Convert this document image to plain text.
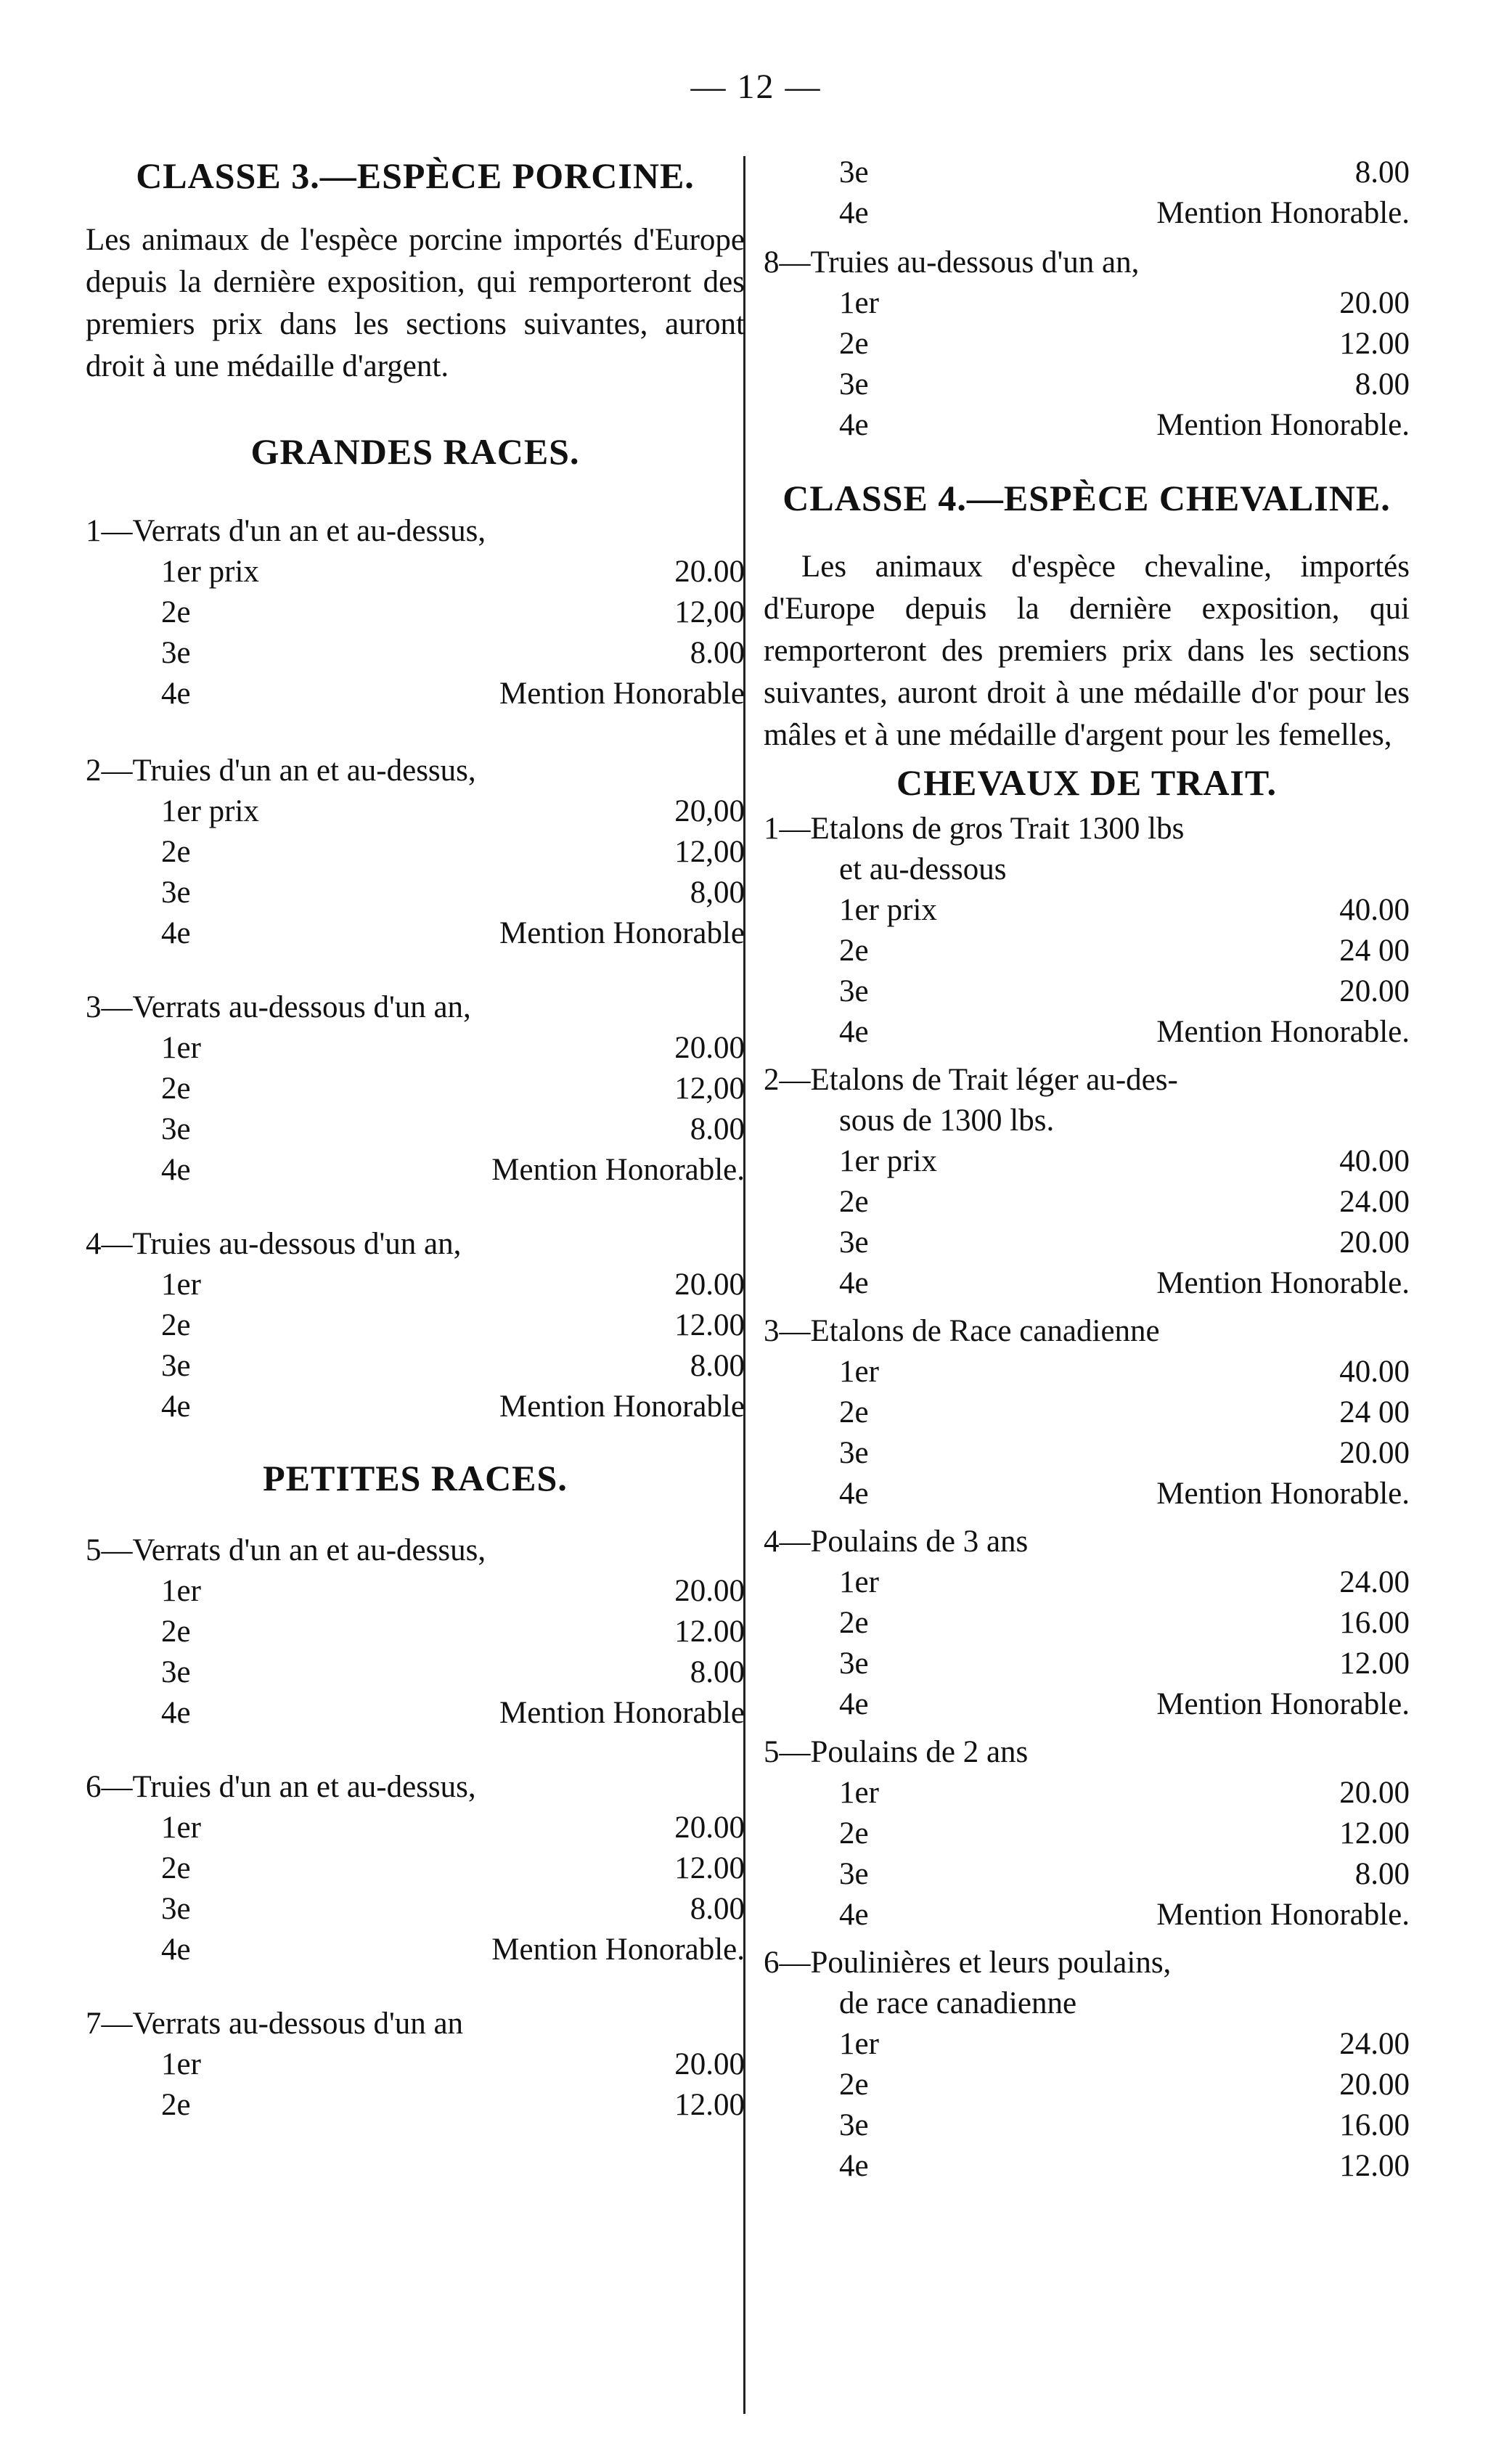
— 12 —
CLASSE 3.—ESPÈCE PORCINE.

Les animaux de l'espèce porcine importés d'Europe depuis la dernière exposition, qui remporteront des premiers prix dans les sections suivantes, auront droit à une médaille d'argent.

GRANDES RACES.

1—Verrats d'un an et au-dessus,

1er prix	20.00
2e	12,00
3e	8.00
4e	Mention Honorable

2—Truies d'un an et au-dessus,

1er prix	20,00
2e	12,00
3e	8,00
4e	Mention Honorable

3—Verrats au-dessous d'un an,

1er	20.00
2e	12,00
3e	8.00
4e	Mention Honorable.

4—Truies au-dessous d'un an,

1er	20.00
2e	12.00
3e	8.00
4e	Mention Honorable
PETITES RACES.

5—Verrats d'un an et au-dessus,

1er	20.00
2e	12.00
3e	8.00
4e	Mention Honorable

6—Truies d'un an et au-dessus,

1er	20.00
2e	12.00
3e	8.00
4e	Mention Honorable.

7—Verrats au-dessous d'un an

1er	20.00
2e	12.00
3e	8.00
4e	Mention Honorable.

8—Truies au-dessous d'un an,

1er	20.00
2e	12.00
3e	8.00
4e	Mention Honorable.
CLASSE 4.—ESPÈCE CHEVALINE.

Les animaux d'espèce chevaline, importés d'Europe depuis la dernière exposition, qui remporteront des premiers prix dans les sections suivantes, auront droit à une médaille d'or pour les mâles et à une médaille d'argent pour les femelles,

CHEVAUX DE TRAIT.

1—Etalons de gros Trait 1300 lbs

et au-dessous

1er prix	40.00
2e	24 00
3e	20.00
4e	Mention Honorable.

2—Etalons de Trait léger au-des-

sous de 1300 lbs.

1er prix	40.00
2e	24.00
3e	20.00
4e	Mention Honorable.

3—Etalons de Race canadienne

1er	40.00
2e	24 00
3e	20.00
4e	Mention Honorable.

4—Poulains de 3 ans

1er	24.00
2e	16.00
3e	12.00
4e	Mention Honorable.

5—Poulains de 2 ans

1er	20.00
2e	12.00
3e	8.00
4e	Mention Honorable.

6—Poulinières et leurs poulains,

de race canadienne

1er	24.00
2e	20.00
3e	16.00
4e	12.00
